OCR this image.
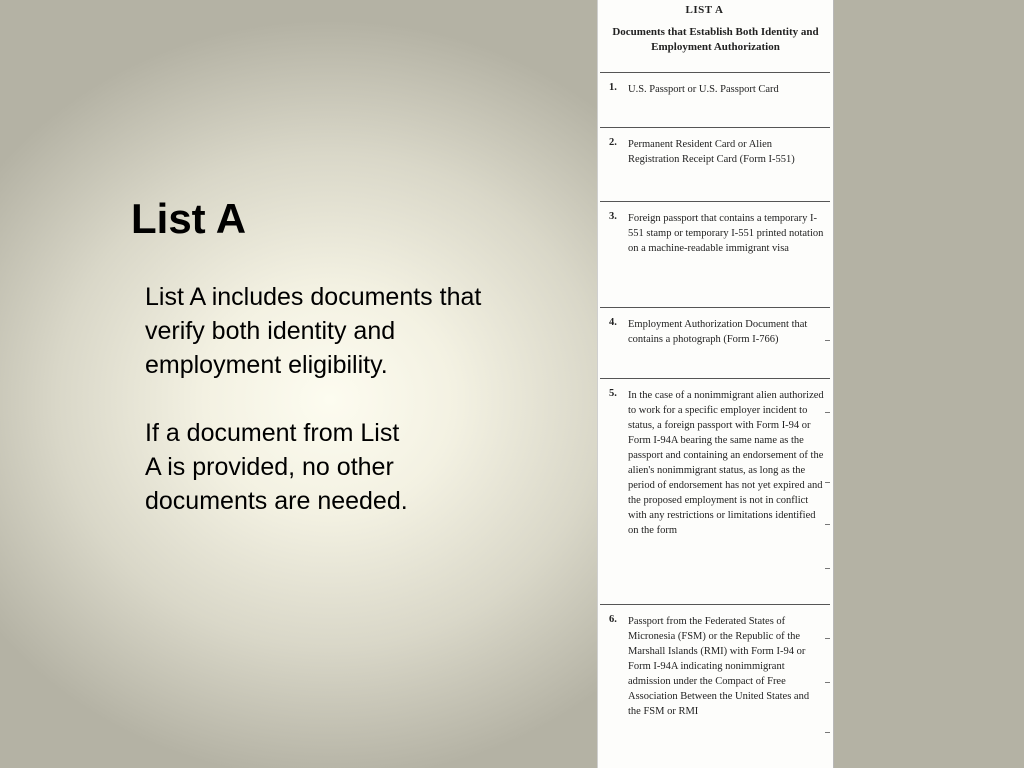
List A
List A includes documents that verify both identity and employment eligibility.
If a document from List A is provided, no other documents are needed.
LIST A
Documents that Establish Both Identity and Employment Authorization
1. U.S. Passport or U.S. Passport Card
2. Permanent Resident Card or Alien Registration Receipt Card (Form I-551)
3. Foreign passport that contains a temporary I-551 stamp or temporary I-551 printed notation on a machine-readable immigrant visa
4. Employment Authorization Document that contains a photograph (Form I-766)
5. In the case of a nonimmigrant alien authorized to work for a specific employer incident to status, a foreign passport with Form I-94 or Form I-94A bearing the same name as the passport and containing an endorsement of the alien's nonimmigrant status, as long as the period of endorsement has not yet expired and the proposed employment is not in conflict with any restrictions or limitations identified on the form
6. Passport from the Federated States of Micronesia (FSM) or the Republic of the Marshall Islands (RMI) with Form I-94 or Form I-94A indicating nonimmigrant admission under the Compact of Free Association Between the United States and the FSM or RMI
